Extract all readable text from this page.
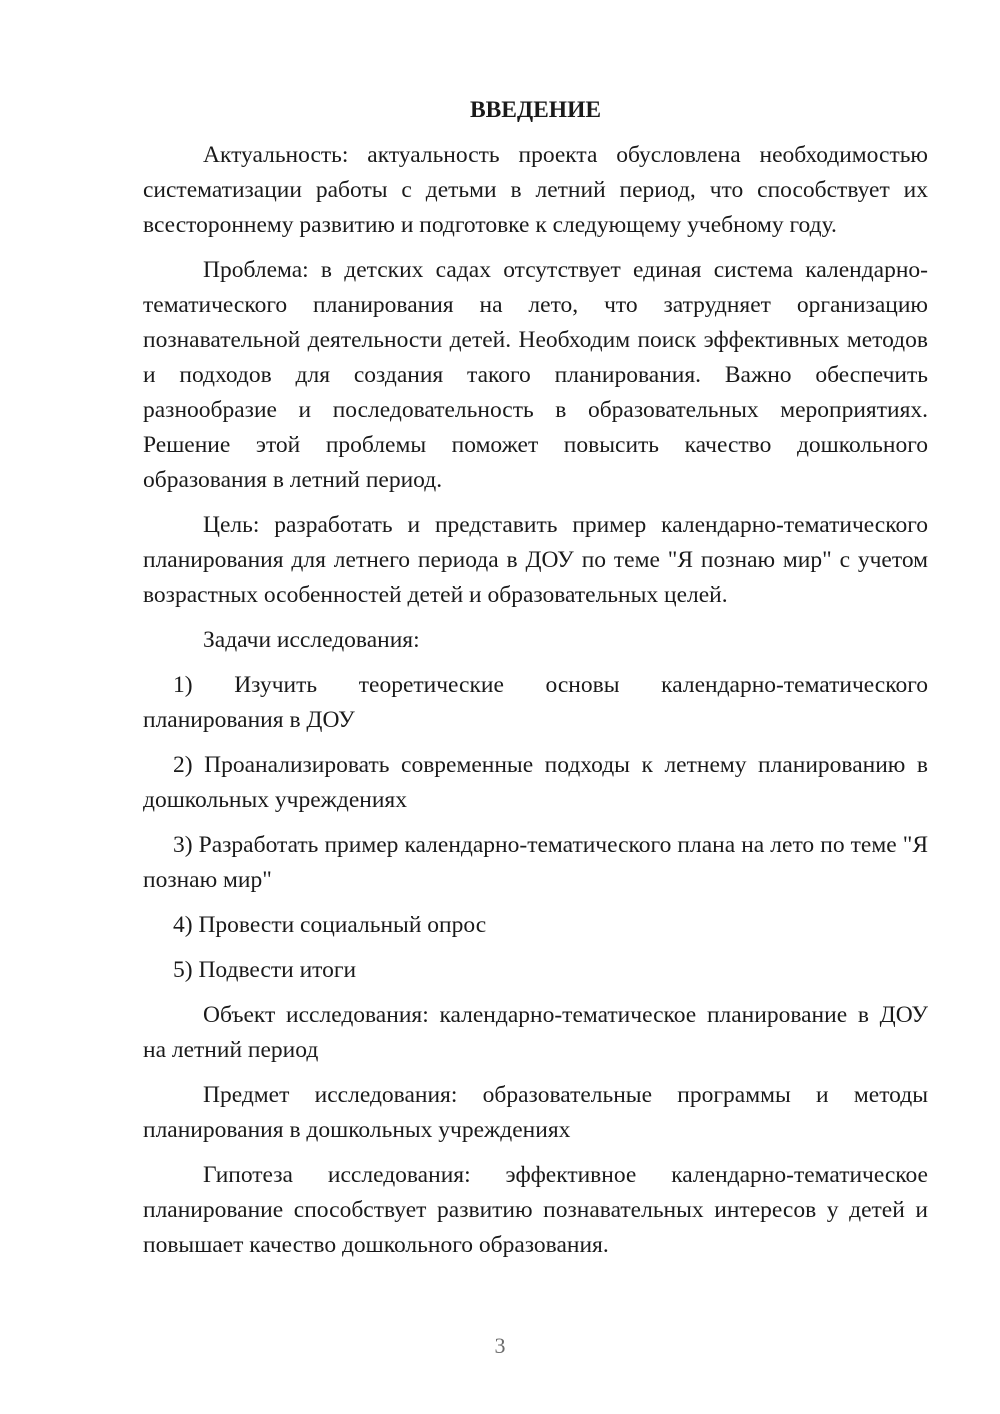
ВВЕДЕНИЕ

Актуальность: актуальность проекта обусловлена необходимостью систематизации работы с детьми в летний период, что способствует их всестороннему развитию и подготовке к следующему учебному году.

Проблема: в детских садах отсутствует единая система календарно-тематического планирования на лето, что затрудняет организацию познавательной деятельности детей. Необходим поиск эффективных методов и подходов для создания такого планирования. Важно обеспечить разнообразие и последовательность в образовательных мероприятиях. Решение этой проблемы поможет повысить качество дошкольного образования в летний период.

Цель: разработать и представить пример календарно-тематического планирования для летнего периода в ДОУ по теме "Я познаю мир" с учетом возрастных особенностей детей и образовательных целей.

Задачи исследования:

1) Изучить теоретические основы календарно-тематического планирования в ДОУ

2) Проанализировать современные подходы к летнему планированию в дошкольных учреждениях

3) Разработать пример календарно-тематического плана на лето по теме "Я познаю мир"

4) Провести социальный опрос

5) Подвести итоги

Объект исследования: календарно-тематическое планирование в ДОУ на летний период

Предмет исследования: образовательные программы и методы планирования в дошкольных учреждениях

Гипотеза исследования: эффективное календарно-тематическое планирование способствует развитию познавательных интересов у детей и повышает качество дошкольного образования.

3
